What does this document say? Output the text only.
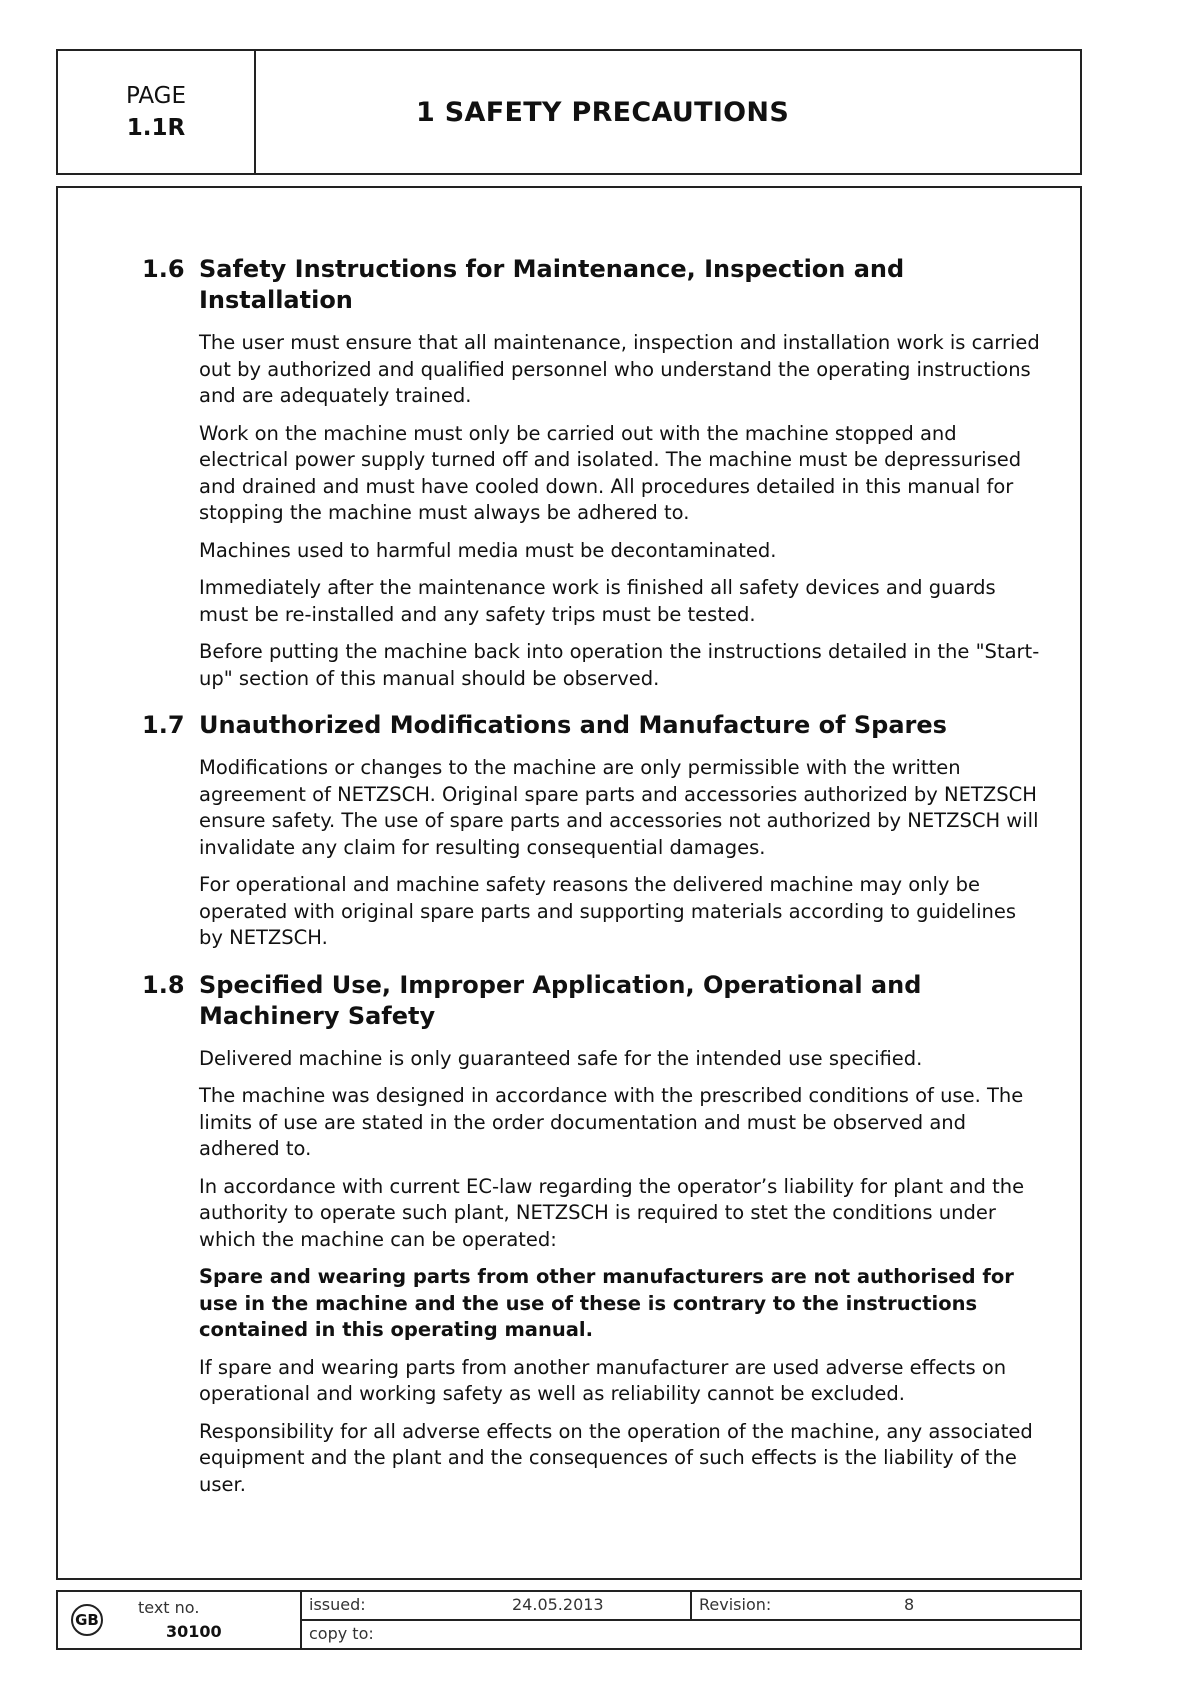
PAGE
1.1R
1 SAFETY PRECAUTIONS
1.6 Safety Instructions for Maintenance, Inspection and Installation

The user must ensure that all maintenance, inspection and installation work is carried out by authorized and qualified personnel who understand the operating instructions and are adequately trained.

Work on the machine must only be carried out with the machine stopped and electrical power supply turned off and isolated. The machine must be depressurised and drained and must have cooled down. All procedures detailed in this manual for stopping the machine must always be adhered to.

Machines used to harmful media must be decontaminated.

Immediately after the maintenance work is finished all safety devices and guards must be re-installed and any safety trips must be tested.

Before putting the machine back into operation the instructions detailed in the "Start-up" section of this manual should be observed.

1.7 Unauthorized Modifications and Manufacture of Spares

Modifications or changes to the machine are only permissible with the written agreement of NETZSCH. Original spare parts and accessories authorized by NETZSCH ensure safety. The use of spare parts and accessories not authorized by NETZSCH will invalidate any claim for resulting consequential damages.

For operational and machine safety reasons the delivered machine may only be operated with original spare parts and supporting materials according to guidelines by NETZSCH.

1.8 Specified Use, Improper Application, Operational and Machinery Safety

Delivered machine is only guaranteed safe for the intended use specified.

The machine was designed in accordance with the prescribed conditions of use. The limits of use are stated in the order documentation and must be observed and adhered to.

In accordance with current EC-law regarding the operator’s liability for plant and the authority to operate such plant, NETZSCH is required to stet the conditions under which the machine can be operated:

Spare and wearing parts from other manufacturers are not authorised for use in the machine and the use of these is contrary to the instructions contained in this operating manual.

If spare and wearing parts from another manufacturer are used adverse effects on operational and working safety as well as reliability cannot be excluded.

Responsibility for all adverse effects on the operation of the machine, any associated equipment and the plant and the consequences of such effects is the liability of the user.

GB
text no.
30100
issued:	24.05.2013	Revision:	8
copy to:
